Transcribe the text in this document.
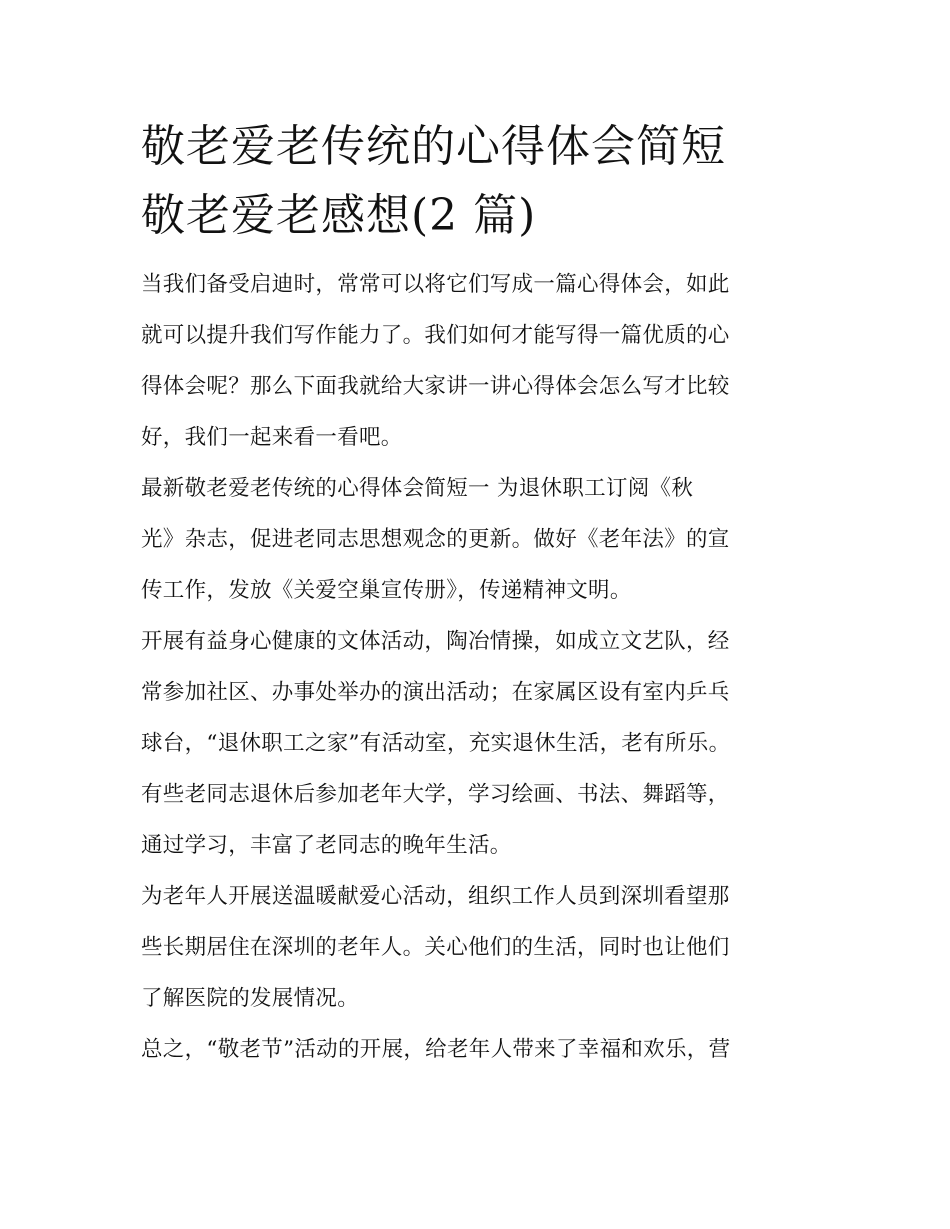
敬老爱老传统的心得体会简短
敬老爱老感想(2 篇)

当我们备受启迪时，常常可以将它们写成一篇心得体会，如此
就可以提升我们写作能力了。我们如何才能写得一篇优质的心
得体会呢？那么下面我就给大家讲一讲心得体会怎么写才比较
好，我们一起来看一看吧。

最新敬老爱老传统的心得体会简短一 为退休职工订阅《秋
光》杂志，促进老同志思想观念的更新。做好《老年法》的宣
传工作，发放《关爱空巢宣传册》，传递精神文明。

开展有益身心健康的文体活动，陶冶情操，如成立文艺队，经
常参加社区、办事处举办的演出活动；在家属区设有室内乒乓
球台，“退休职工之家”有活动室，充实退休生活，老有所乐。

有些老同志退休后参加老年大学，学习绘画、书法、舞蹈等，
通过学习，丰富了老同志的晚年生活。

为老年人开展送温暖献爱心活动，组织工作人员到深圳看望那
些长期居住在深圳的老年人。关心他们的生活，同时也让他们
了解医院的发展情况。

总之，“敬老节”活动的开展，给老年人带来了幸福和欢乐，营
